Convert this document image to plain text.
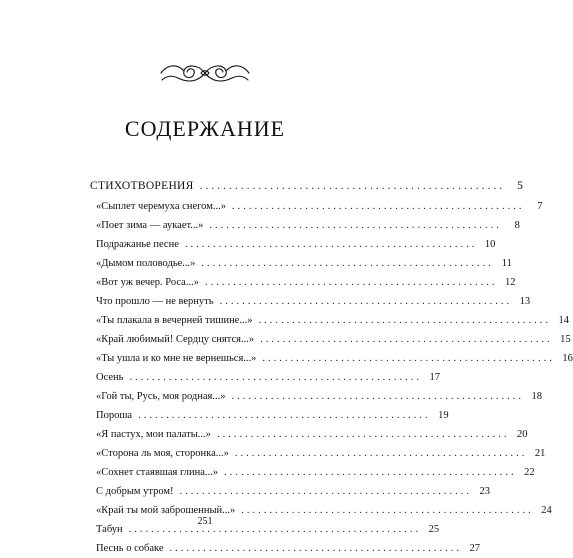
СОДЕРЖАНИЕ
СТИХОТВОРЕНИЯ ....................................................	5
«Сыплет черемуха снегом...» ....................................................	7
«Поет зима — аукает...» ....................................................	8
Подражанье песне .................................................... 10
«Дымом половодье...» .................................................... 11
«Вот уж вечер. Роса...» .................................................... 12
Что прошло — не вернуть .................................................... 13
«Ты плакала в вечерней тишине...» .................................................... 14
«Край любимый! Сердцу снятся...» .................................................... 15
«Ты ушла и ко мне не вернешься...» .................................................... 16
Осень .................................................... 17
«Гой ты, Русь, моя родная...» .................................................... 18
Пороша .................................................... 19
«Я пастух, мои палаты...» .................................................... 20
«Сторона ль моя, сторонка...» .................................................... 21
«Сохнет стаявшая глина...» .................................................... 22
С добрым утром! .................................................... 23
«Край ты мой заброшенный...» .................................................... 24
Табун .................................................... 25
Песнь о собаке .................................................... 27
251
